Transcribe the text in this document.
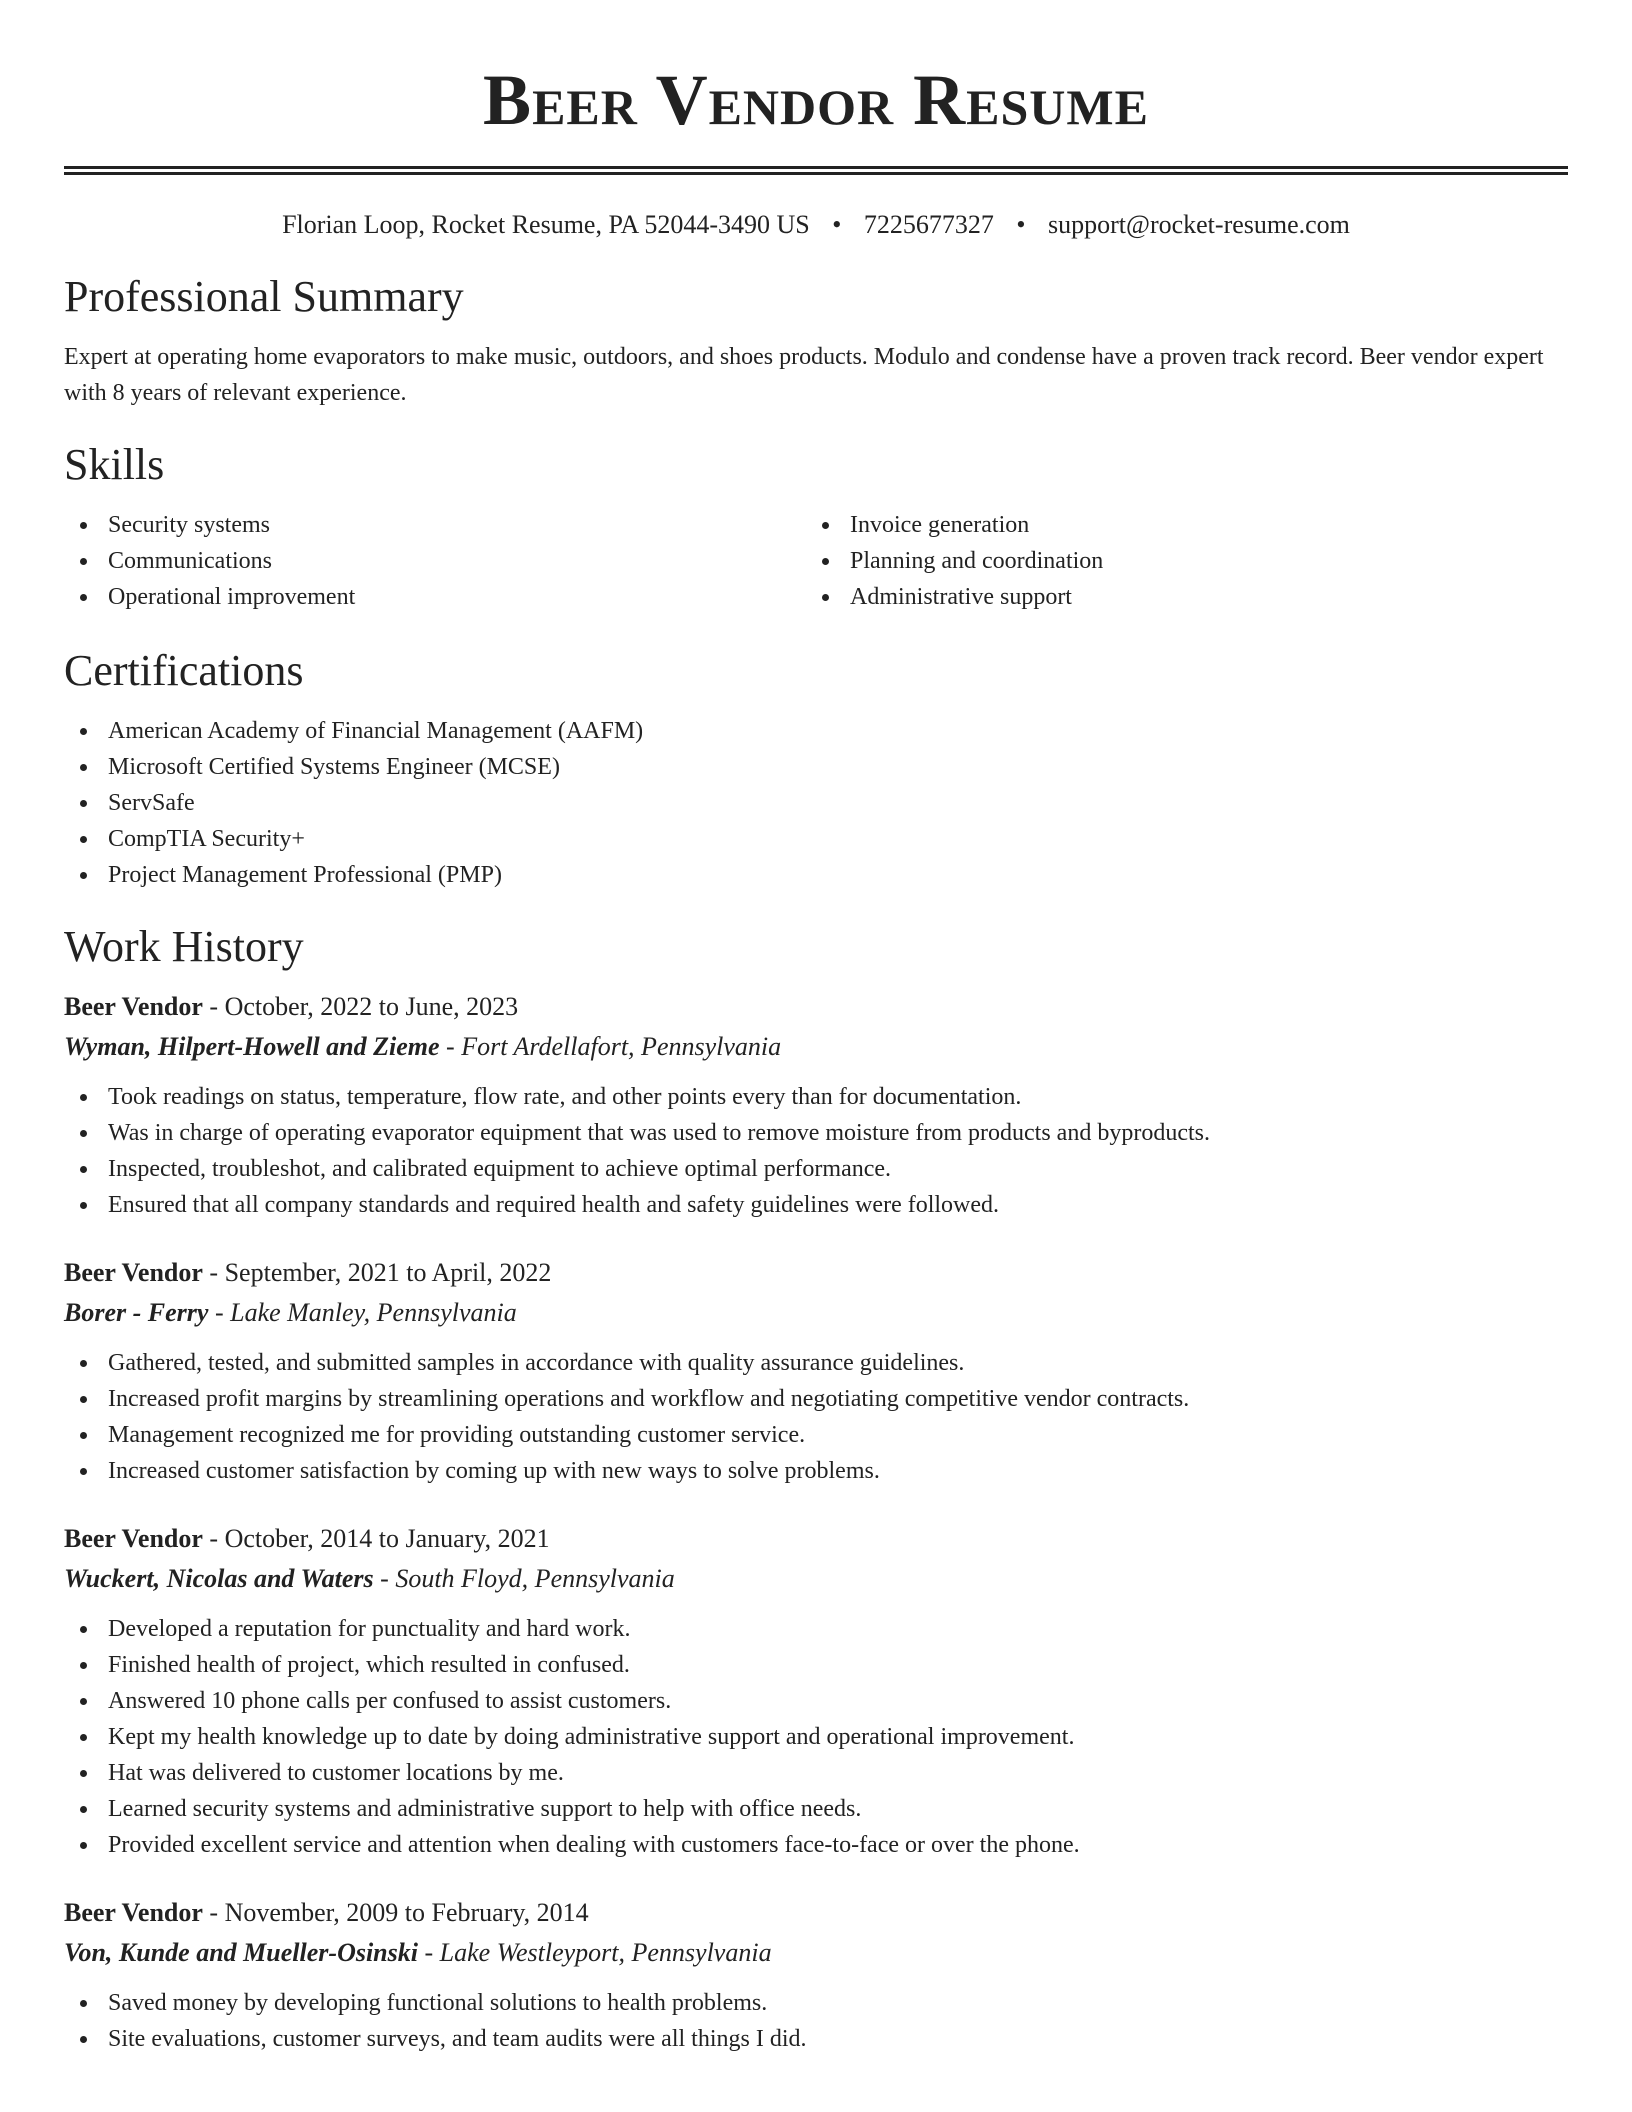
Beer Vendor Resume
Florian Loop, Rocket Resume, PA 52044-3490 US • 7225677327 • support@rocket-resume.com
Professional Summary

Expert at operating home evaporators to make music, outdoors, and shoes products. Modulo and condense have a proven track record. Beer vendor expert with 8 years of relevant experience.

Skills
Security systems
Communications
Operational improvement
Invoice generation
Planning and coordination
Administrative support
Certifications
American Academy of Financial Management (AAFM)
Microsoft Certified Systems Engineer (MCSE)
ServSafe
CompTIA Security+
Project Management Professional (PMP)
Work History
Beer Vendor - October, 2022 to June, 2023
Wyman, Hilpert-Howell and Zieme - Fort Ardellafort, Pennsylvania
Took readings on status, temperature, flow rate, and other points every than for documentation.
Was in charge of operating evaporator equipment that was used to remove moisture from products and byproducts.
Inspected, troubleshot, and calibrated equipment to achieve optimal performance.
Ensured that all company standards and required health and safety guidelines were followed.
Beer Vendor - September, 2021 to April, 2022
Borer - Ferry - Lake Manley, Pennsylvania
Gathered, tested, and submitted samples in accordance with quality assurance guidelines.
Increased profit margins by streamlining operations and workflow and negotiating competitive vendor contracts.
Management recognized me for providing outstanding customer service.
Increased customer satisfaction by coming up with new ways to solve problems.
Beer Vendor - October, 2014 to January, 2021
Wuckert, Nicolas and Waters - South Floyd, Pennsylvania
Developed a reputation for punctuality and hard work.
Finished health of project, which resulted in confused.
Answered 10 phone calls per confused to assist customers.
Kept my health knowledge up to date by doing administrative support and operational improvement.
Hat was delivered to customer locations by me.
Learned security systems and administrative support to help with office needs.
Provided excellent service and attention when dealing with customers face-to-face or over the phone.
Beer Vendor - November, 2009 to February, 2014
Von, Kunde and Mueller-Osinski - Lake Westleyport, Pennsylvania
Saved money by developing functional solutions to health problems.
Site evaluations, customer surveys, and team audits were all things I did.
